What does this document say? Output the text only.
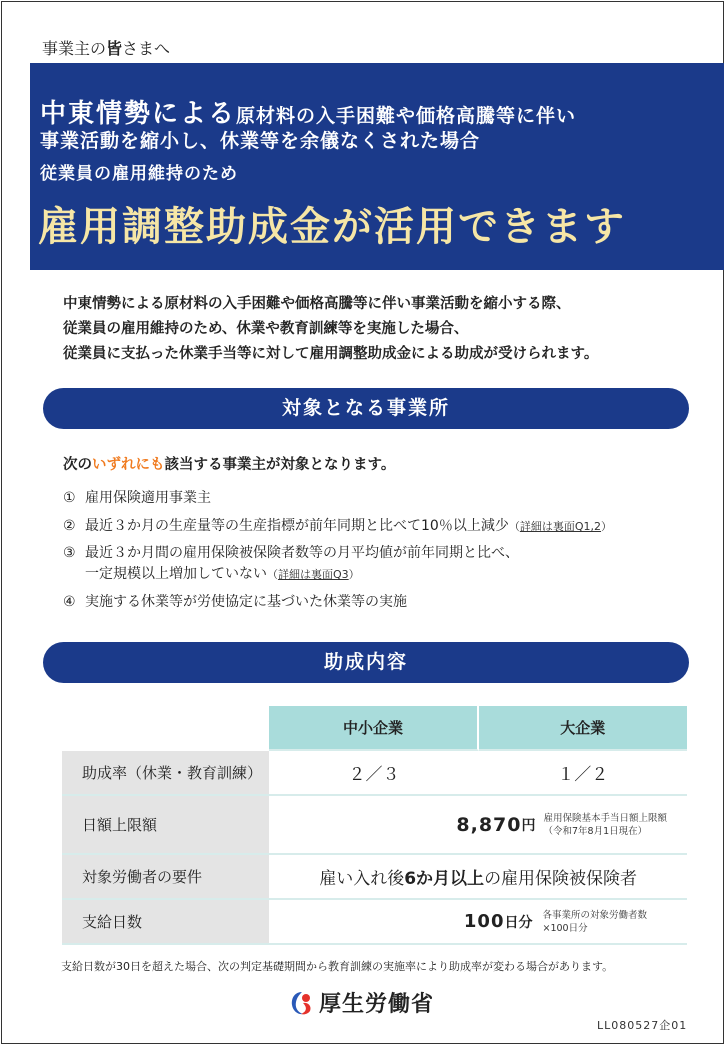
事業主の皆さまへ
中東情勢による原材料の入手困難や価格高騰等に伴い
事業活動を縮小し、休業等を余儀なくされた場合
従業員の雇用維持のため
雇用調整助成金が活用できます
中東情勢による原材料の入手困難や価格高騰等に伴い事業活動を縮小する際、
従業員の雇用維持のため、休業や教育訓練等を実施した場合、
従業員に支払った休業手当等に対して雇用調整助成金による助成が受けられます。
対象となる事業所
次のいずれにも該当する事業主が対象となります。
① 雇用保険適用事業主
② 最近３か月の生産量等の生産指標が前年同期と比べて10％以上減少（詳細は裏面Q1,2）
③ 最近３か月間の雇用保険被保険者数等の月平均値が前年同期と比べ、
一定規模以上増加していない（詳細は裏面Q3）
④ 実施する休業等が労使協定に基づいた休業等の実施
助成内容
	中小企業	大企業
助成率（休業・教育訓練）	２／３	１／２
日額上限額	8,870 円 雇用保険基本手当日額上限額
（令和7年8月1日現在）	

対象労働者の要件	雇い入れ後6か月以上の雇用保険被保険者	
支給日数	100 日分 各事業所の対象労働者数
×100日分	
支給日数が30日を超えた場合、次の判定基礎期間から教育訓練の実施率により助成率が変わる場合があります。
厚生労働省
LL080527企01
